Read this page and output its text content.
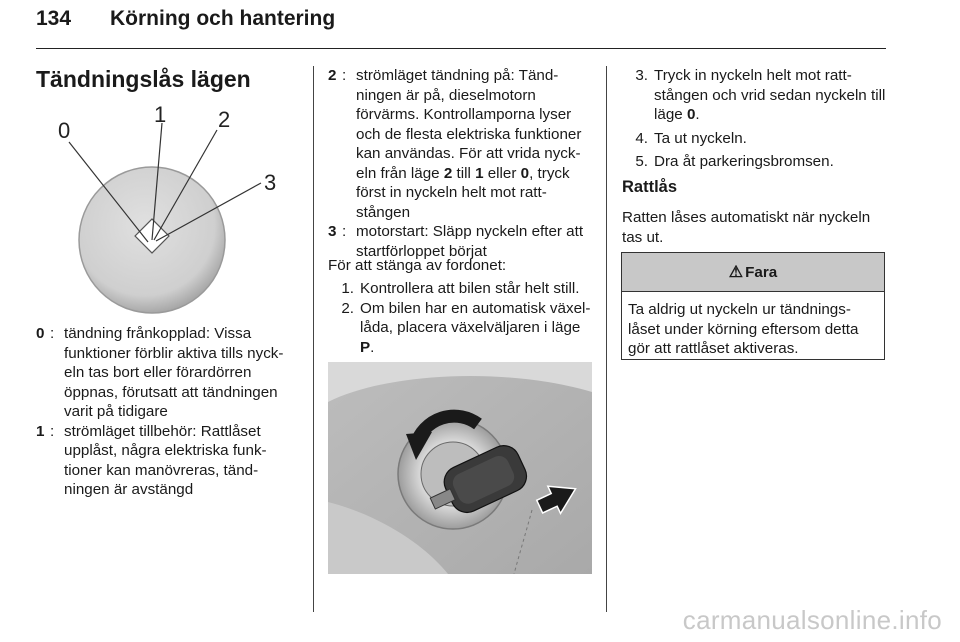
134 Körning och hantering
Tändningslås lägen
0
1 2
3
0 : tändning frånkopplad: Vissa funktioner förblir aktiva tills nyck-eln tas bort eller förardörren öppnas, förutsatt att tändningen varit på tidigare
1 : strömläget tillbehör: Rattlåset upplåst, några elektriska funk-tioner kan manövreras, tänd-ningen är avstängd
2 : strömläget tändning på: Tänd-ningen är på, dieselmotorn förvärms. Kontrollamporna lyser och de flesta elektriska funktioner kan användas. För att vrida nyck-eln från läge 2 till 1 eller 0, tryck först in nyckeln helt mot ratt-stången
3 : motorstart: Släpp nyckeln efter att startförloppet börjat
För att stänga av fordonet:
1. Kontrollera att bilen står helt still.
2. Om bilen har en automatisk växel-låda, placera växelväljaren i läge P.
3. Tryck in nyckeln helt mot ratt-stången och vrid sedan nyckeln till läge 0.
4. Ta ut nyckeln.
5. Dra åt parkeringsbromsen.
Rattlås
Ratten låses automatiskt när nyckeln tas ut.
⚠ Fara
Ta aldrig ut nyckeln ur tändnings-låset under körning eftersom detta gör att rattlåset aktiveras.
carmanualsonline.info
